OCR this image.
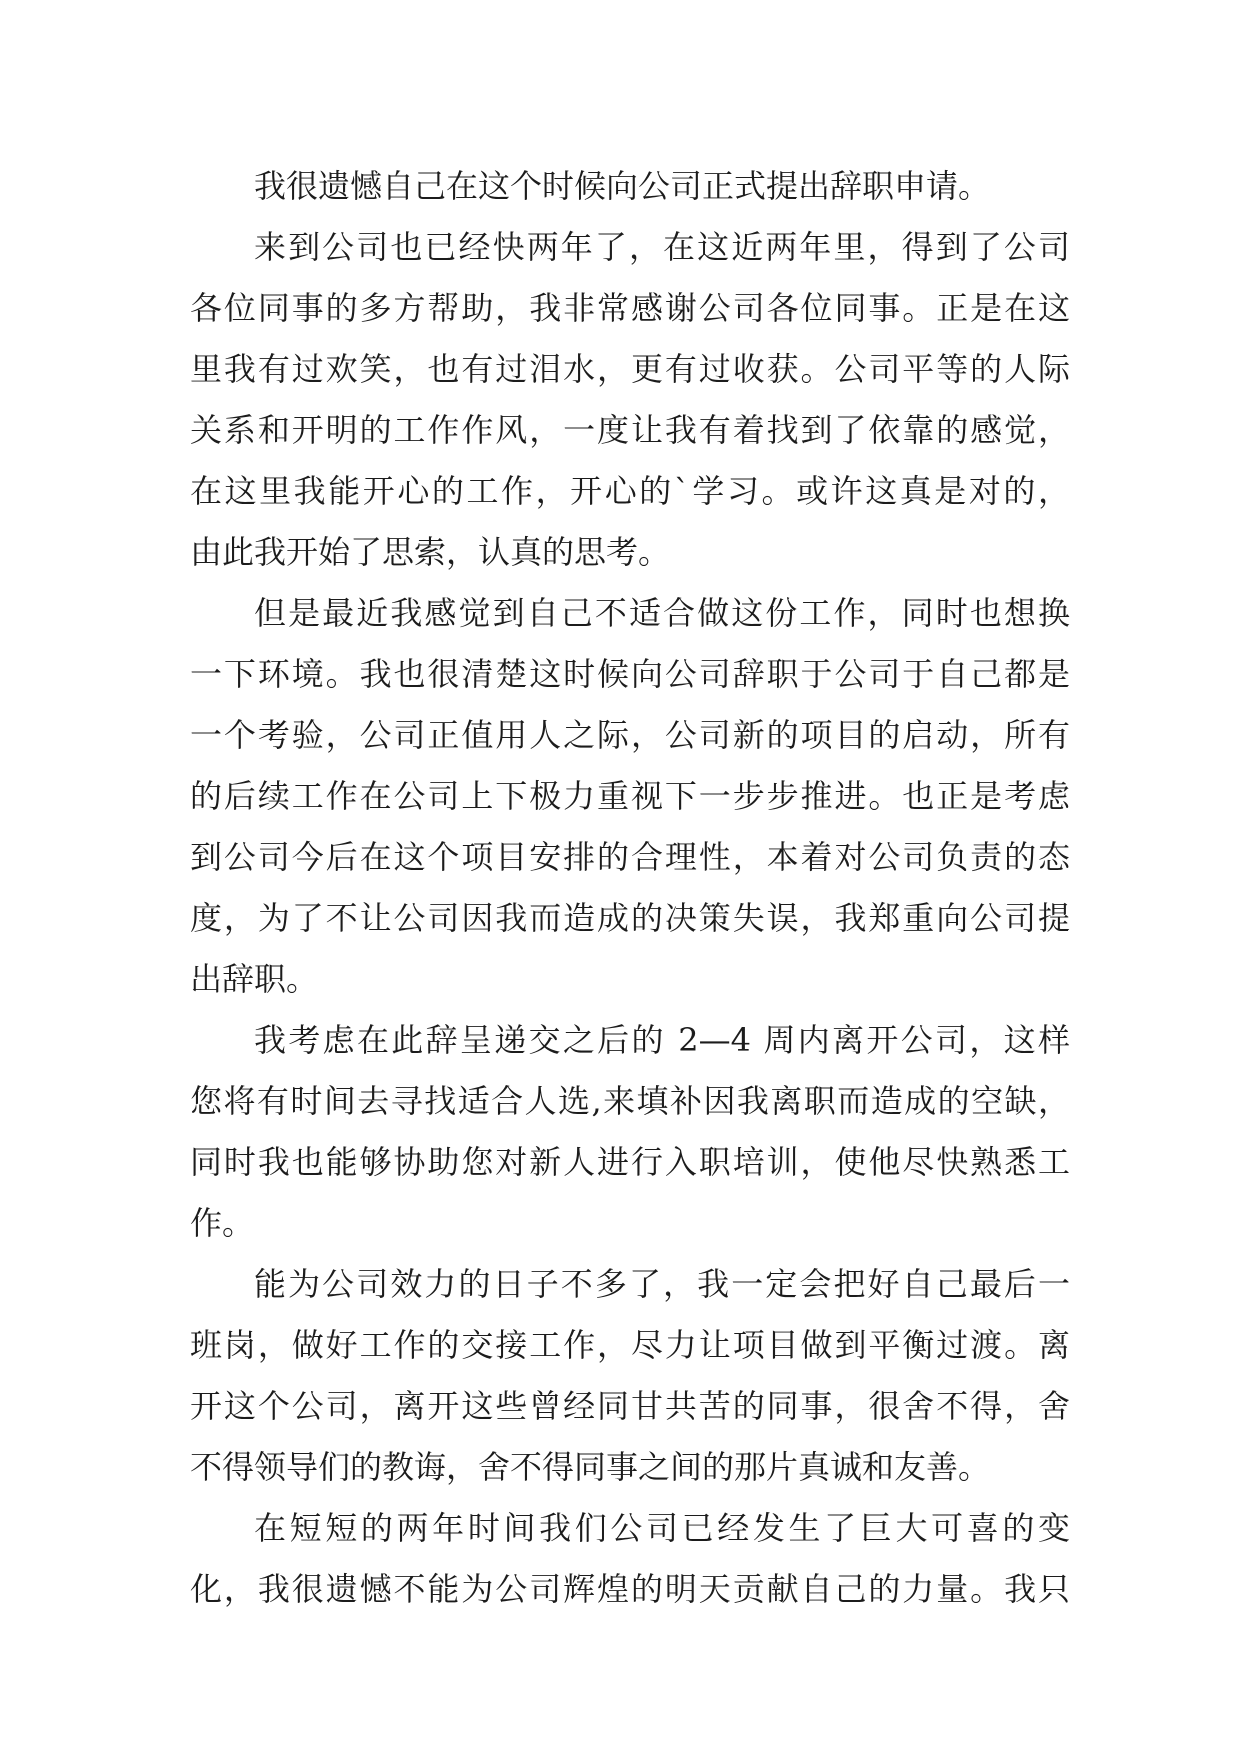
我很遗憾自己在这个时候向公司正式提出辞职申请。
来到公司也已经快两年了，在这近两年里，得到了公司
各位同事的多方帮助，我非常感谢公司各位同事。正是在这
里我有过欢笑，也有过泪水，更有过收获。公司平等的人际
关系和开明的工作作风，一度让我有着找到了依靠的感觉，
在这里我能开心的工作，开心的`学习。或许这真是对的，
由此我开始了思索，认真的思考。
但是最近我感觉到自己不适合做这份工作，同时也想换
一下环境。我也很清楚这时候向公司辞职于公司于自己都是
一个考验，公司正值用人之际，公司新的项目的启动，所有
的后续工作在公司上下极力重视下一步步推进。也正是考虑
到公司今后在这个项目安排的合理性，本着对公司负责的态
度，为了不让公司因我而造成的决策失误，我郑重向公司提
出辞职。
我考虑在此辞呈递交之后的 2—4 周内离开公司，这样
您将有时间去寻找适合人选,来填补因我离职而造成的空缺，
同时我也能够协助您对新人进行入职培训，使他尽快熟悉工
作。
能为公司效力的日子不多了，我一定会把好自己最后一
班岗，做好工作的交接工作，尽力让项目做到平衡过渡。离
开这个公司，离开这些曾经同甘共苦的同事，很舍不得，舍
不得领导们的教诲，舍不得同事之间的那片真诚和友善。
在短短的两年时间我们公司已经发生了巨大可喜的变
化，我很遗憾不能为公司辉煌的明天贡献自己的力量。我只
